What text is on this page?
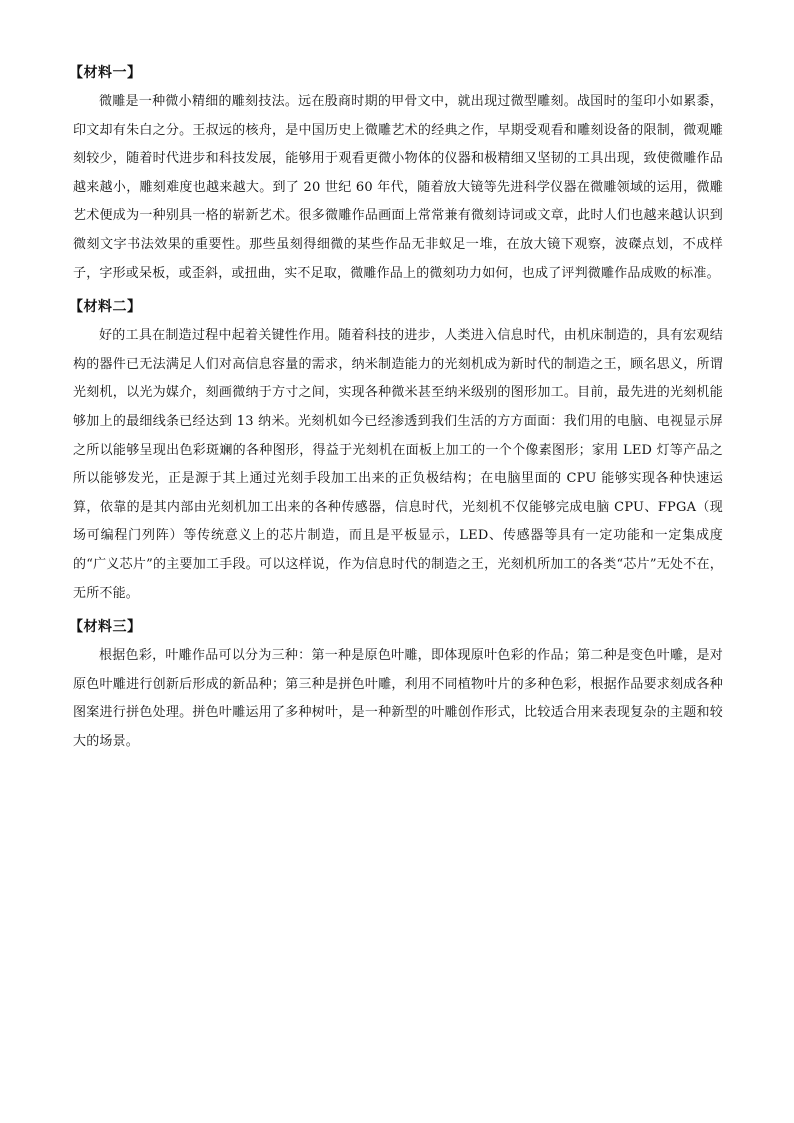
【材料一】

微雕是一种微小精细的雕刻技法。远在殷商时期的甲骨文中，就出现过微型雕刻。战国时的玺印小如累黍，印文却有朱白之分。王叔远的核舟，是中国历史上微雕艺术的经典之作，早期受观看和雕刻设备的限制，微观雕刻较少，随着时代进步和科技发展，能够用于观看更微小物体的仪器和极精细又坚韧的工具出现，致使微雕作品越来越小，雕刻难度也越来越大。到了 20 世纪 60 年代，随着放大镜等先进科学仪器在微雕领域的运用，微雕艺术便成为一种别具一格的崭新艺术。很多微雕作品画面上常常兼有微刻诗词或文章，此时人们也越来越认识到微刻文字书法效果的重要性。那些虽刻得细微的某些作品无非蚁足一堆，在放大镜下观察，波磔点划，不成样子，字形或呆板，或歪斜，或扭曲，实不足取，微雕作品上的微刻功力如何，也成了评判微雕作品成败的标准。

【材料二】

好的工具在制造过程中起着关键性作用。随着科技的进步，人类进入信息时代，由机床制造的，具有宏观结构的器件已无法满足人们对高信息容量的需求，纳米制造能力的光刻机成为新时代的制造之王，顾名思义，所谓光刻机，以光为媒介，刻画微纳于方寸之间，实现各种微米甚至纳米级别的图形加工。目前，最先进的光刻机能够加上的最细线条已经达到 13 纳米。光刻机如今已经渗透到我们生活的方方面面：我们用的电脑、电视显示屏之所以能够呈现出色彩斑斓的各种图形，得益于光刻机在面板上加工的一个个像素图形；家用 LED 灯等产品之所以能够发光，正是源于其上通过光刻手段加工出来的正负极结构；在电脑里面的 CPU 能够实现各种快速运算，依靠的是其内部由光刻机加工出来的各种传感器，信息时代，光刻机不仅能够完成电脑 CPU、FPGA（现场可编程门列阵）等传统意义上的芯片制造，而且是平板显示，LED、传感器等具有一定功能和一定集成度的“广义芯片”的主要加工手段。可以这样说，作为信息时代的制造之王，光刻机所加工的各类“芯片”无处不在，无所不能。

【材料三】

根据色彩，叶雕作品可以分为三种：第一种是原色叶雕，即体现原叶色彩的作品；第二种是变色叶雕，是对原色叶雕进行创新后形成的新品种；第三种是拼色叶雕，利用不同植物叶片的多种色彩，根据作品要求刻成各种图案进行拼色处理。拼色叶雕运用了多种树叶，是一种新型的叶雕创作形式，比较适合用来表现复杂的主题和较大的场景。
